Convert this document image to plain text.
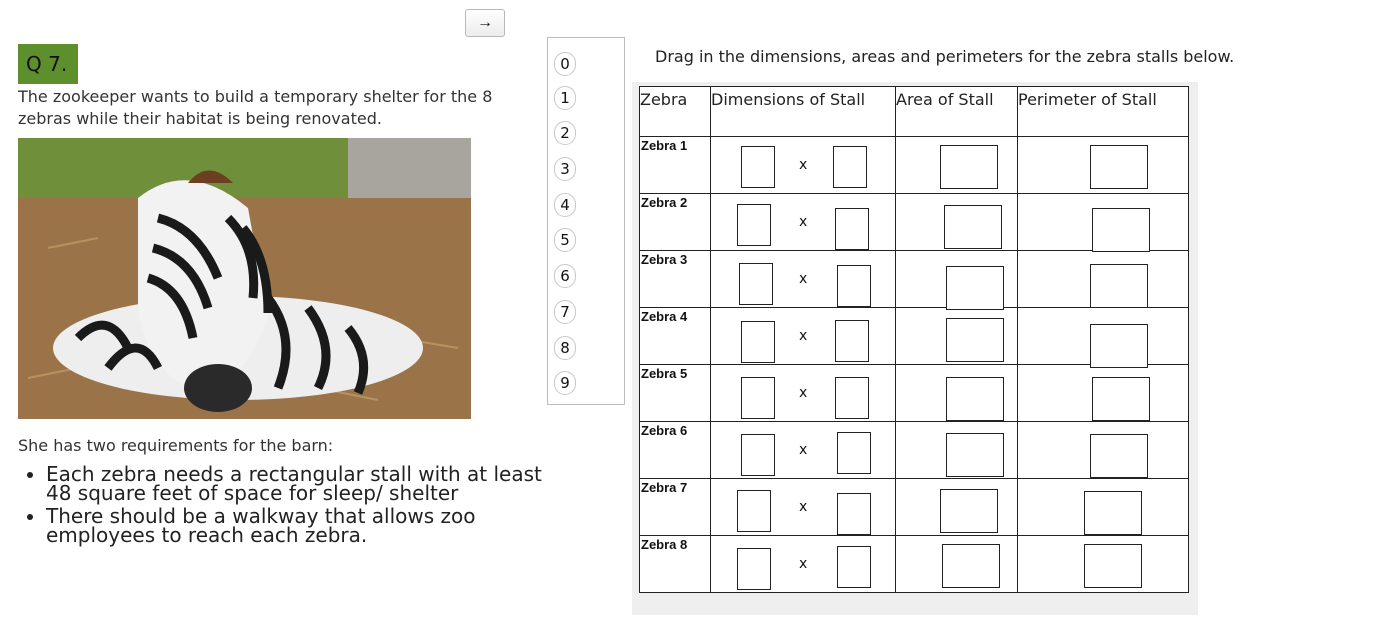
→
Q 7.
The zookeeper wants to build a temporary shelter for the 8 zebras while their habitat is being renovated.
She has two requirements for the barn:
• Each zebra needs a rectangular stall with at least 48 square feet of space for sleep/ shelter
• There should be a walkway that allows zoo employees to reach each zebra.
0
1
2
3
4
5
6
7
8
9
Drag in the dimensions, areas and perimeters for the zebra stalls below.
Zebra	Dimensions of Stall	Area of Stall	Perimeter of Stall

Zebra 1	x		

Zebra 2	x		

Zebra 3	x		

Zebra 4	x		

Zebra 5	x		

Zebra 6	x		

Zebra 7	x		

Zebra 8	x		
